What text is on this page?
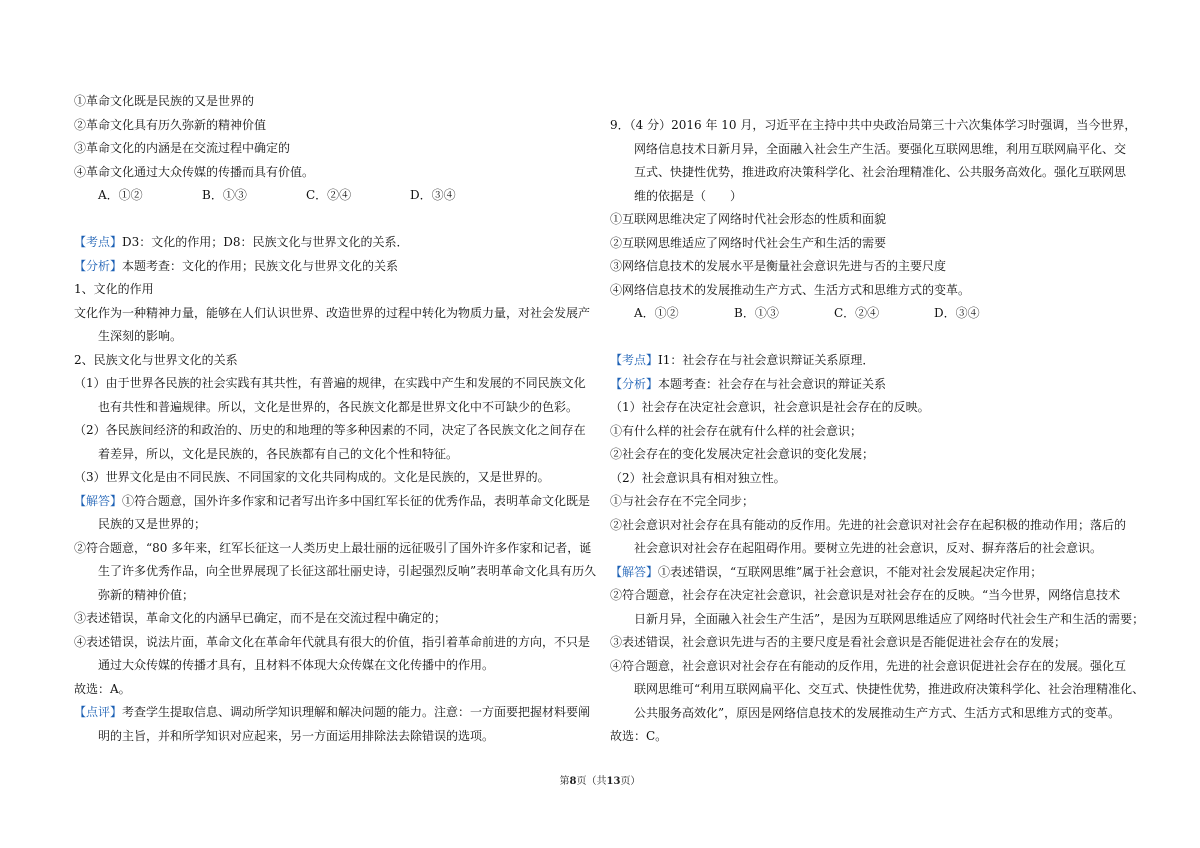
①革命文化既是民族的又是世界的
②革命文化具有历久弥新的精神价值
③革命文化的内涵是在交流过程中确定的
④革命文化通过大众传媒的传播而具有价值。
A．①②	B．①③	C．②④	D．③④
【考点】D3：文化的作用；D8：民族文化与世界文化的关系．
【分析】本题考查：文化的作用；民族文化与世界文化的关系
1、文化的作用
文化作为一种精神力量，能够在人们认识世界、改造世界的过程中转化为物质力量，对社会发展产
生深刻的影响。
2、民族文化与世界文化的关系
（1）由于世界各民族的社会实践有其共性，有普遍的规律，在实践中产生和发展的不同民族文化
也有共性和普遍规律。所以，文化是世界的，各民族文化都是世界文化中不可缺少的色彩。
（2）各民族间经济的和政治的、历史的和地理的等多种因素的不同，决定了各民族文化之间存在
着差异，所以，文化是民族的，各民族都有自己的文化个性和特征。
（3）世界文化是由不同民族、不同国家的文化共同构成的。文化是民族的，又是世界的。
【解答】①符合题意，国外许多作家和记者写出许多中国红军长征的优秀作品，表明革命文化既是
民族的又是世界的；
②符合题意，“80 多年来，红军长征这一人类历史上最壮丽的远征吸引了国外许多作家和记者，诞
生了许多优秀作品，向全世界展现了长征这部壮丽史诗，引起强烈反响”表明革命文化具有历久
弥新的精神价值；
③表述错误，革命文化的内涵早已确定，而不是在交流过程中确定的；
④表述错误，说法片面，革命文化在革命年代就具有很大的价值，指引着革命前进的方向，不只是
通过大众传媒的传播才具有，且材料不体现大众传媒在文化传播中的作用。
故选：A。
【点评】考查学生提取信息、调动所学知识理解和解决问题的能力。注意：一方面要把握材料要阐
明的主旨，并和所学知识对应起来，另一方面运用排除法去除错误的选项。
9．（4 分）2016 年 10 月，习近平在主持中共中央政治局第三十六次集体学习时强调，当今世界，
网络信息技术日新月异，全面融入社会生产生活。要强化互联网思维，利用互联网扁平化、交
互式、快捷性优势，推进政府决策科学化、社会治理精准化、公共服务高效化。强化互联网思
维的依据是（　　）
①互联网思维决定了网络时代社会形态的性质和面貌
②互联网思维适应了网络时代社会生产和生活的需要
③网络信息技术的发展水平是衡量社会意识先进与否的主要尺度
④网络信息技术的发展推动生产方式、生活方式和思维方式的变革。
A．①②	B．①③	C．②④	D．③④
【考点】I1：社会存在与社会意识辩证关系原理．
【分析】本题考查：社会存在与社会意识的辩证关系
（1）社会存在决定社会意识，社会意识是社会存在的反映。
①有什么样的社会存在就有什么样的社会意识；
②社会存在的变化发展决定社会意识的变化发展；
（2）社会意识具有相对独立性。
①与社会存在不完全同步；
②社会意识对社会存在具有能动的反作用。先进的社会意识对社会存在起积极的推动作用；落后的
社会意识对社会存在起阻碍作用。要树立先进的社会意识，反对、摒弃落后的社会意识。
【解答】①表述错误，“互联网思维”属于社会意识，不能对社会发展起决定作用；
②符合题意，社会存在决定社会意识，社会意识是对社会存在的反映。“当今世界，网络信息技术
日新月异，全面融入社会生产生活”，是因为互联网思维适应了网络时代社会生产和生活的需要；
③表述错误，社会意识先进与否的主要尺度是看社会意识是否能促进社会存在的发展；
④符合题意，社会意识对社会存在有能动的反作用，先进的社会意识促进社会存在的发展。强化互
联网思维可“利用互联网扁平化、交互式、快捷性优势，推进政府决策科学化、社会治理精准化、
公共服务高效化”，原因是网络信息技术的发展推动生产方式、生活方式和思维方式的变革。
故选：C。
第8页（共13页）
